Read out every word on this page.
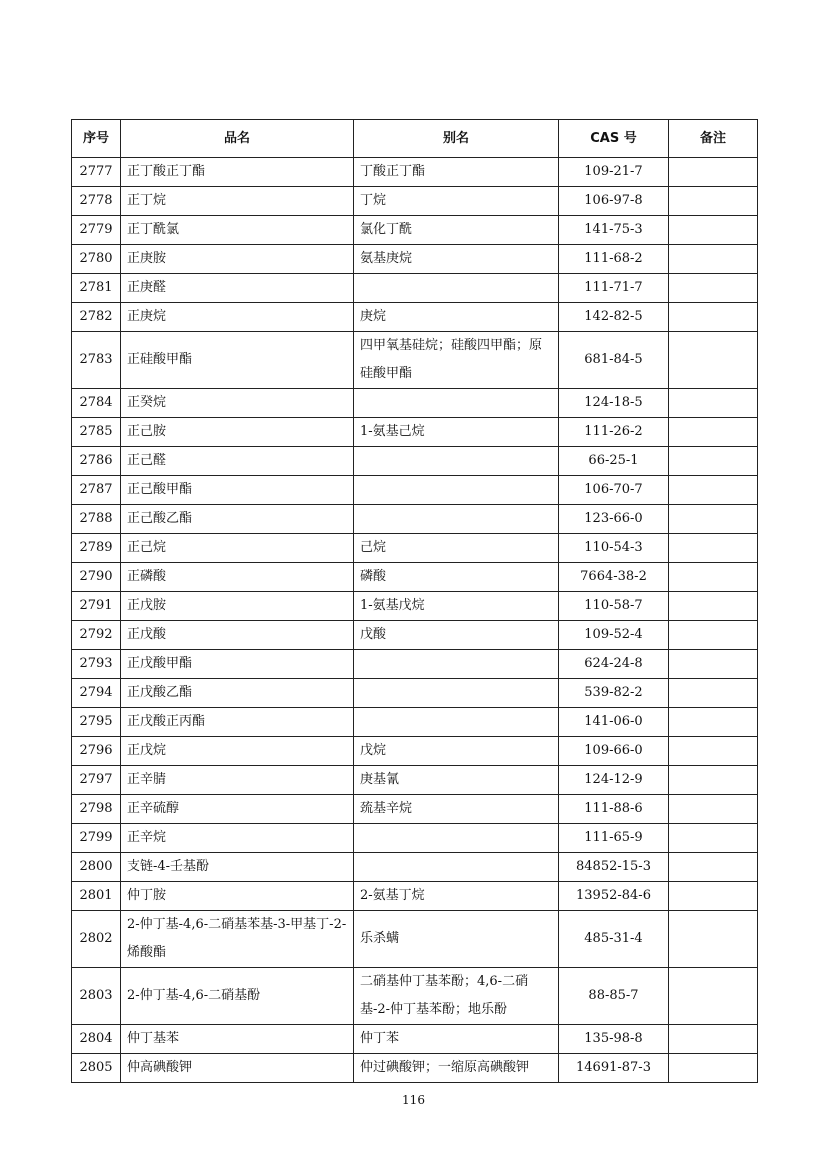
序号	品名	别名	CAS 号	备注
2777	正丁酸正丁酯	丁酸正丁酯	109-21-7	
2778	正丁烷	丁烷	106-97-8	
2779	正丁酰氯	氯化丁酰	141-75-3	
2780	正庚胺	氨基庚烷	111-68-2	
2781	正庚醛		111-71-7	
2782	正庚烷	庚烷	142-82-5	
2783	正硅酸甲酯	四甲氧基硅烷；硅酸四甲酯；原硅酸甲酯	681-84-5	
2784	正癸烷		124-18-5	
2785	正己胺	1-氨基己烷	111-26-2	
2786	正己醛		66-25-1	
2787	正己酸甲酯		106-70-7	
2788	正己酸乙酯		123-66-0	
2789	正己烷	己烷	110-54-3	
2790	正磷酸	磷酸	7664-38-2	
2791	正戊胺	1-氨基戊烷	110-58-7	
2792	正戊酸	戊酸	109-52-4	
2793	正戊酸甲酯		624-24-8	
2794	正戊酸乙酯		539-82-2	
2795	正戊酸正丙酯		141-06-0	
2796	正戊烷	戊烷	109-66-0	
2797	正辛腈	庚基氰	124-12-9	
2798	正辛硫醇	巯基辛烷	111-88-6	
2799	正辛烷		111-65-9	
2800	支链-4-壬基酚		84852-15-3	
2801	仲丁胺	2-氨基丁烷	13952-84-6	
2802	2-仲丁基-4,6-二硝基苯基-3-甲基丁-2-烯酸酯	乐杀螨	485-31-4	
2803	2-仲丁基-4,6-二硝基酚	二硝基仲丁基苯酚；4,6-二硝基-2-仲丁基苯酚；地乐酚	88-85-7	
2804	仲丁基苯	仲丁苯	135-98-8	
2805	仲高碘酸钾	仲过碘酸钾；一缩原高碘酸钾	14691-87-3	
116
